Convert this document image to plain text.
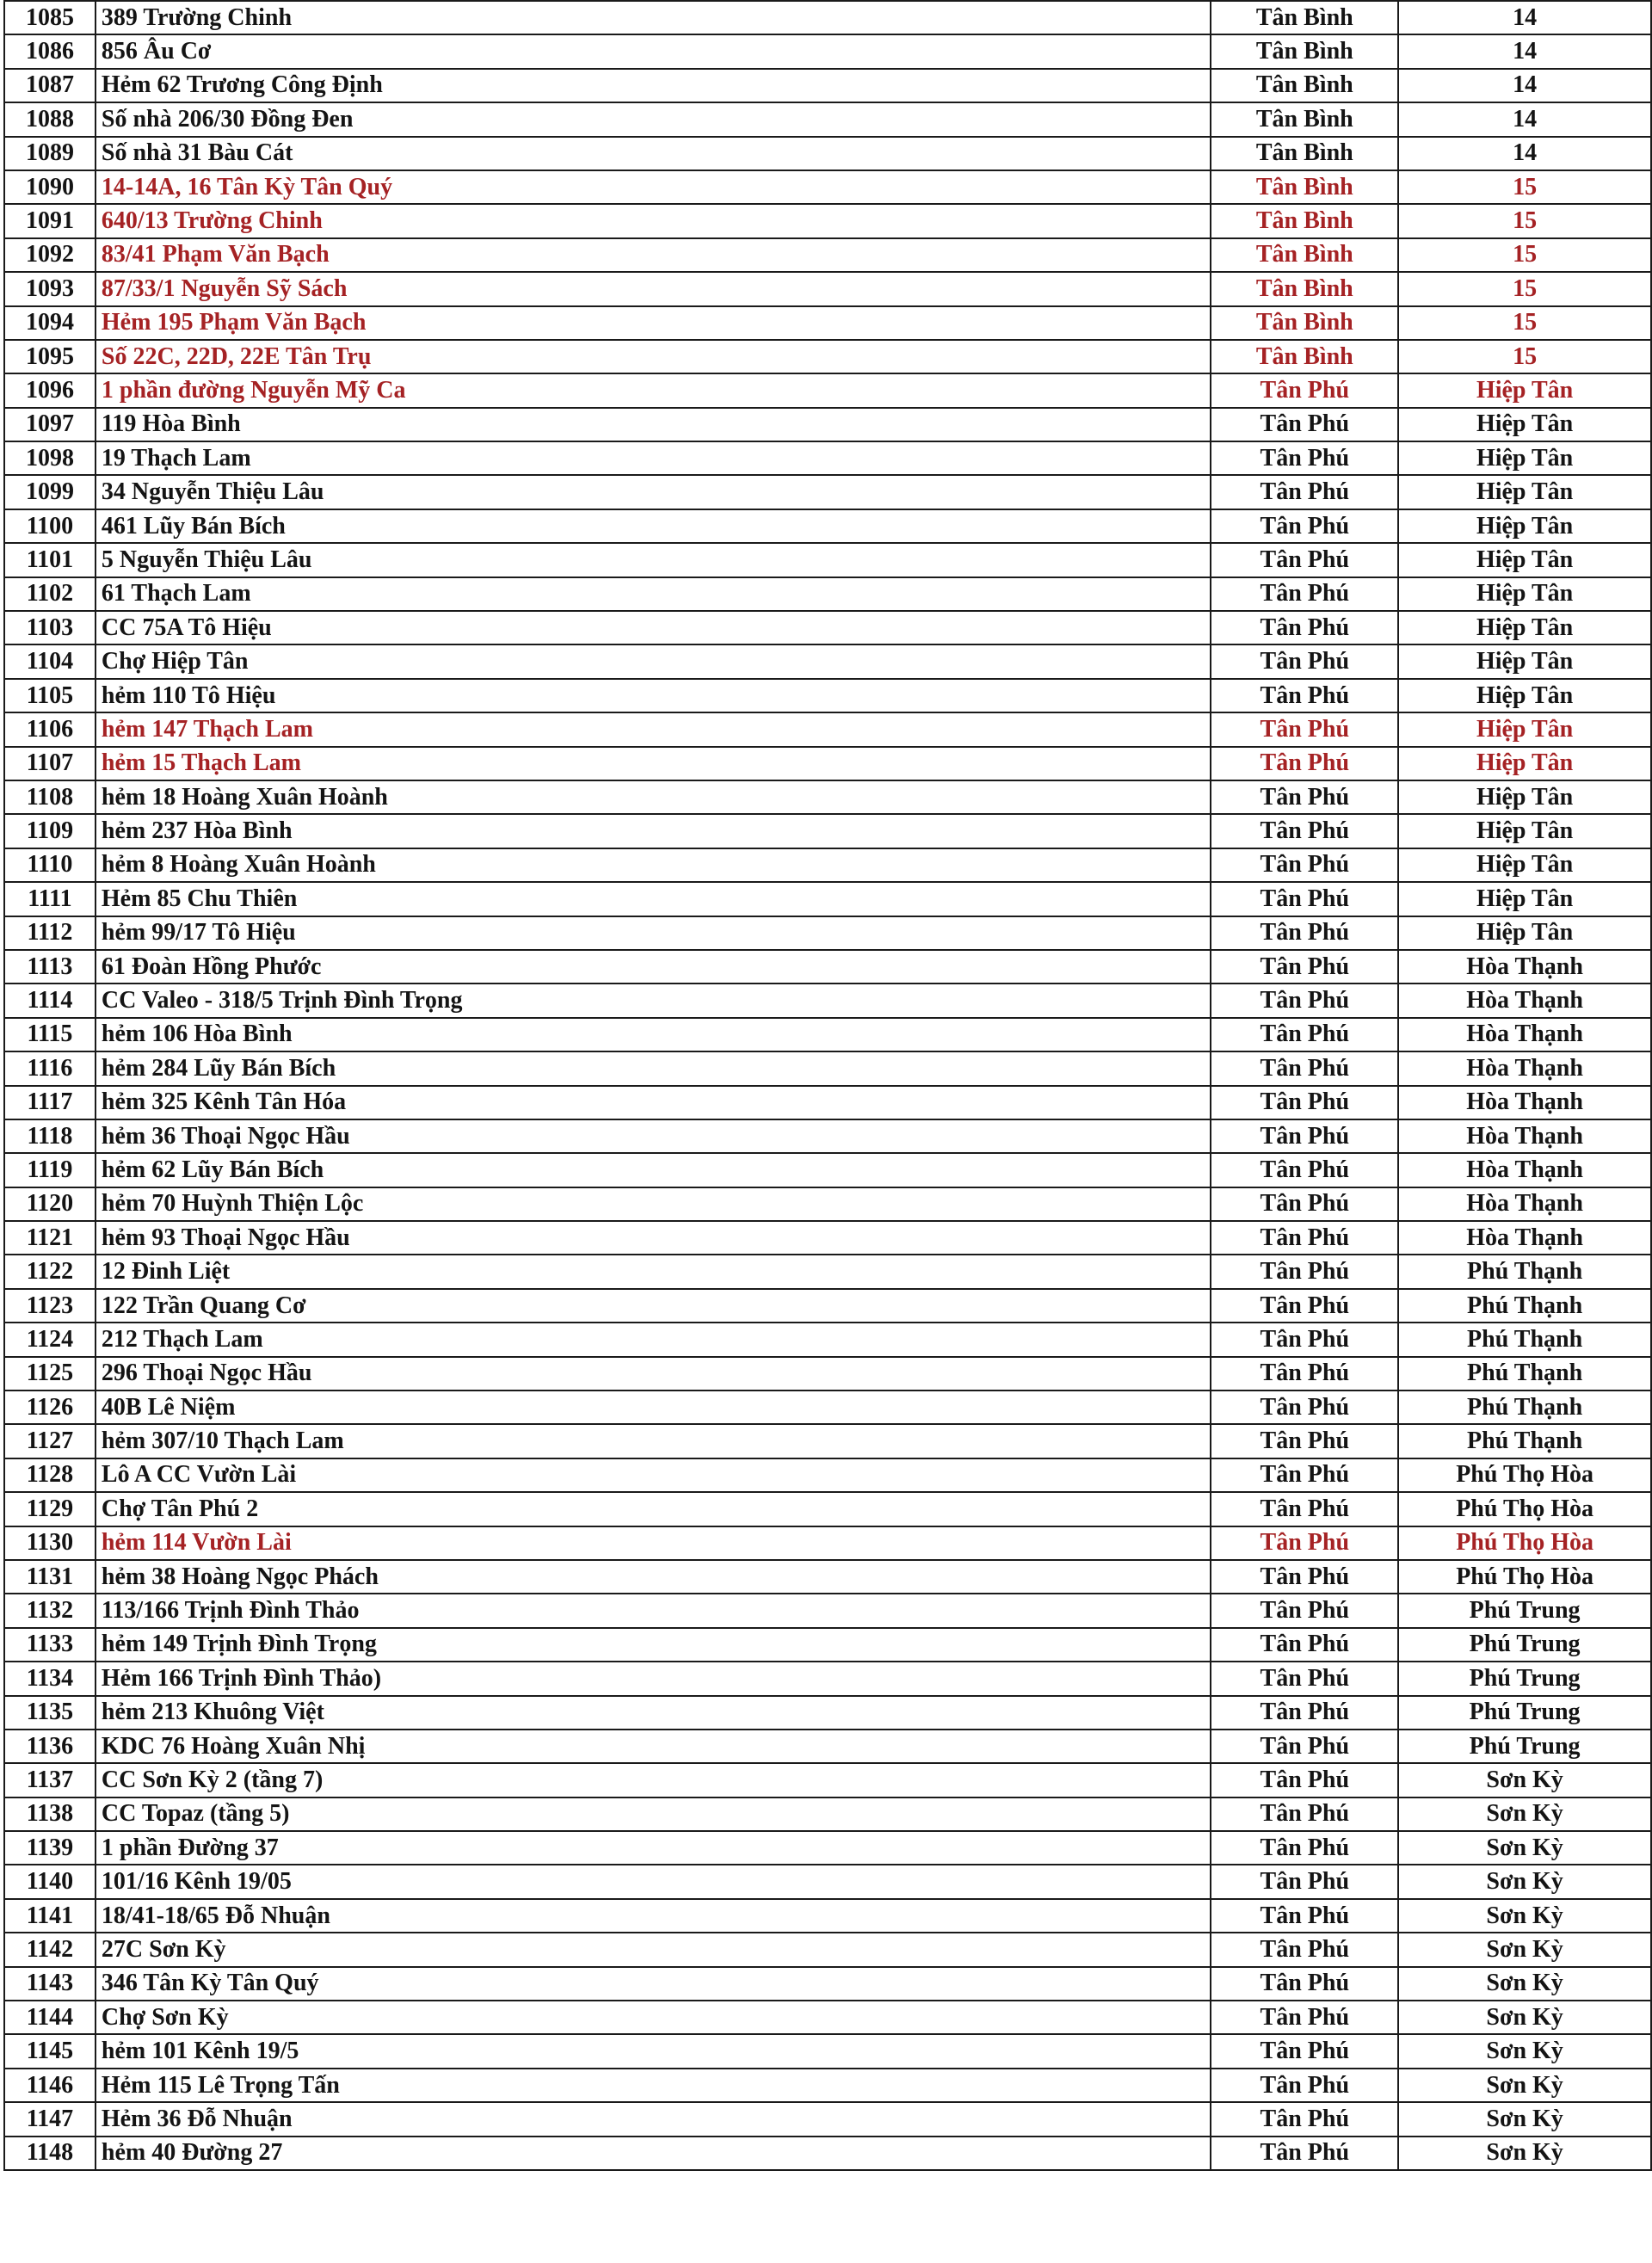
1085	389 Trường Chinh	Tân Bình	14
1086	856 Âu Cơ	Tân Bình	14
1087	Hẻm 62 Trương Công Định	Tân Bình	14
1088	Số nhà 206/30 Đồng Đen	Tân Bình	14
1089	Số nhà 31 Bàu Cát	Tân Bình	14
1090	14-14A, 16 Tân Kỳ Tân Quý	Tân Bình	15
1091	640/13 Trường Chinh	Tân Bình	15
1092	83/41 Phạm Văn Bạch	Tân Bình	15
1093	87/33/1 Nguyễn Sỹ Sách	Tân Bình	15
1094	Hẻm 195 Phạm Văn Bạch	Tân Bình	15
1095	Số 22C, 22D, 22E Tân Trụ	Tân Bình	15
1096	1 phần đường Nguyễn Mỹ Ca	Tân Phú	Hiệp Tân
1097	119 Hòa Bình	Tân Phú	Hiệp Tân
1098	19 Thạch Lam	Tân Phú	Hiệp Tân
1099	34 Nguyễn Thiệu Lâu	Tân Phú	Hiệp Tân
1100	461 Lũy Bán Bích	Tân Phú	Hiệp Tân
1101	5 Nguyễn Thiệu Lâu	Tân Phú	Hiệp Tân
1102	61 Thạch Lam	Tân Phú	Hiệp Tân
1103	CC 75A Tô Hiệu	Tân Phú	Hiệp Tân
1104	Chợ Hiệp Tân	Tân Phú	Hiệp Tân
1105	hẻm 110 Tô Hiệu	Tân Phú	Hiệp Tân
1106	hẻm 147 Thạch Lam	Tân Phú	Hiệp Tân
1107	hẻm 15 Thạch Lam	Tân Phú	Hiệp Tân
1108	hẻm 18 Hoàng Xuân Hoành	Tân Phú	Hiệp Tân
1109	hẻm 237 Hòa Bình	Tân Phú	Hiệp Tân
1110	hẻm 8 Hoàng Xuân Hoành	Tân Phú	Hiệp Tân
1111	Hẻm 85 Chu Thiên	Tân Phú	Hiệp Tân
1112	hẻm 99/17 Tô Hiệu	Tân Phú	Hiệp Tân
1113	61 Đoàn Hồng Phước	Tân Phú	Hòa Thạnh
1114	CC Valeo - 318/5 Trịnh Đình Trọng	Tân Phú	Hòa Thạnh
1115	hẻm 106 Hòa Bình	Tân Phú	Hòa Thạnh
1116	hẻm 284 Lũy Bán Bích	Tân Phú	Hòa Thạnh
1117	hẻm 325 Kênh Tân Hóa	Tân Phú	Hòa Thạnh
1118	hẻm 36 Thoại Ngọc Hầu	Tân Phú	Hòa Thạnh
1119	hẻm 62 Lũy Bán Bích	Tân Phú	Hòa Thạnh
1120	hẻm 70 Huỳnh Thiện Lộc	Tân Phú	Hòa Thạnh
1121	hẻm 93 Thoại Ngọc Hầu	Tân Phú	Hòa Thạnh
1122	12 Đinh Liệt	Tân Phú	Phú Thạnh
1123	122 Trần Quang Cơ	Tân Phú	Phú Thạnh
1124	212 Thạch Lam	Tân Phú	Phú Thạnh
1125	296 Thoại Ngọc Hầu	Tân Phú	Phú Thạnh
1126	40B Lê Niệm	Tân Phú	Phú Thạnh
1127	hẻm 307/10 Thạch Lam	Tân Phú	Phú Thạnh
1128	Lô A CC Vườn Lài	Tân Phú	Phú Thọ Hòa
1129	Chợ Tân Phú 2	Tân Phú	Phú Thọ Hòa
1130	hẻm 114 Vườn Lài	Tân Phú	Phú Thọ Hòa
1131	hẻm 38 Hoàng Ngọc Phách	Tân Phú	Phú Thọ Hòa
1132	113/166 Trịnh Đình Thảo	Tân Phú	Phú Trung
1133	hẻm 149 Trịnh Đình Trọng	Tân Phú	Phú Trung
1134	Hẻm 166 Trịnh Đình Thảo)	Tân Phú	Phú Trung
1135	hẻm 213 Khuông Việt	Tân Phú	Phú Trung
1136	KDC 76 Hoàng Xuân Nhị	Tân Phú	Phú Trung
1137	CC Sơn Kỳ 2 (tầng 7)	Tân Phú	Sơn Kỳ
1138	CC Topaz (tầng 5)	Tân Phú	Sơn Kỳ
1139	1 phần Đường 37	Tân Phú	Sơn Kỳ
1140	101/16 Kênh 19/05	Tân Phú	Sơn Kỳ
1141	18/41-18/65 Đỗ Nhuận	Tân Phú	Sơn Kỳ
1142	27C Sơn Kỳ	Tân Phú	Sơn Kỳ
1143	346 Tân Kỳ Tân Quý	Tân Phú	Sơn Kỳ
1144	Chợ Sơn Kỳ	Tân Phú	Sơn Kỳ
1145	hẻm 101 Kênh 19/5	Tân Phú	Sơn Kỳ
1146	Hẻm 115 Lê Trọng Tấn	Tân Phú	Sơn Kỳ
1147	Hẻm 36 Đỗ Nhuận	Tân Phú	Sơn Kỳ
1148	hẻm 40 Đường 27	Tân Phú	Sơn Kỳ
